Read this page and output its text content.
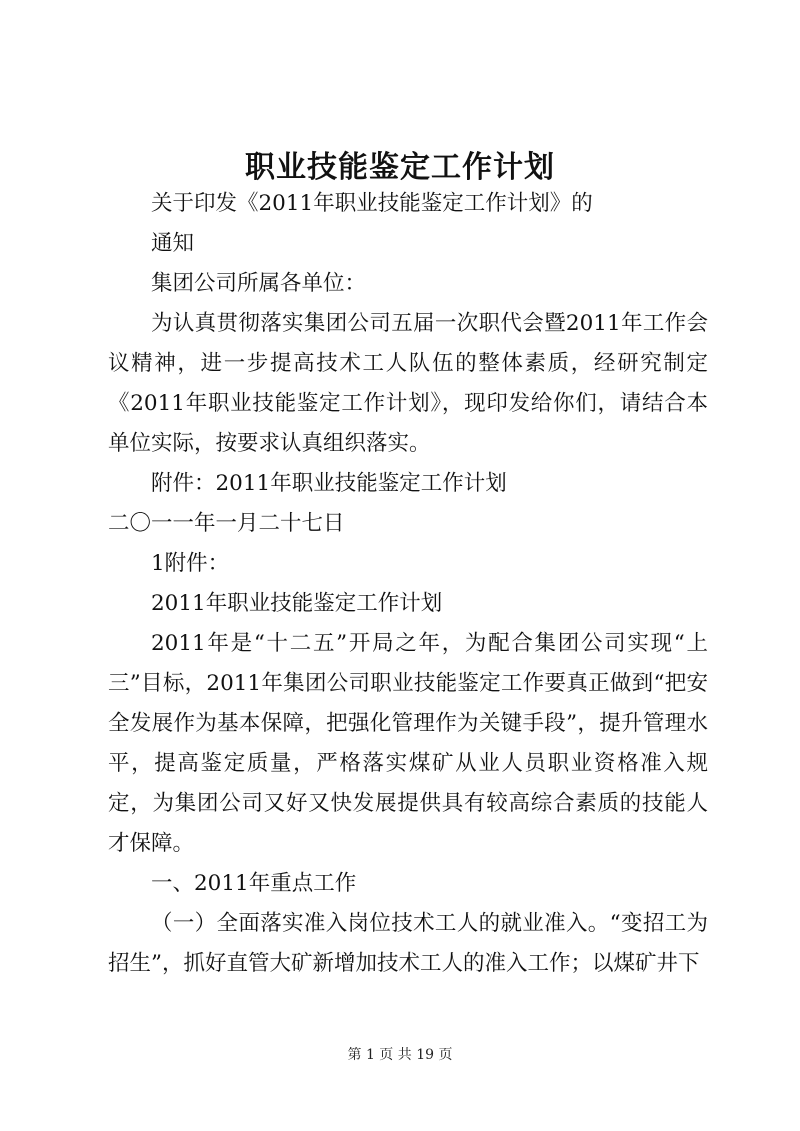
职业技能鉴定工作计划

关于印发《2011年职业技能鉴定工作计划》的

通知

集团公司所属各单位：

为认真贯彻落实集团公司五届一次职代会暨2011年工作会议精神，进一步提高技术工人队伍的整体素质，经研究制定《2011年职业技能鉴定工作计划》，现印发给你们，请结合本单位实际，按要求认真组织落实。

附件：2011年职业技能鉴定工作计划

二〇一一年一月二十七日

1附件：

2011年职业技能鉴定工作计划

2011年是“十二五”开局之年，为配合集团公司实现“上三”目标，2011年集团公司职业技能鉴定工作要真正做到“把安全发展作为基本保障，把强化管理作为关键手段”，提升管理水平，提高鉴定质量，严格落实煤矿从业人员职业资格准入规定，为集团公司又好又快发展提供具有较高综合素质的技能人才保障。

一、2011年重点工作

（一）全面落实准入岗位技术工人的就业准入。“变招工为招生”，抓好直管大矿新增加技术工人的准入工作；以煤矿井下

第 1 页 共 19 页
